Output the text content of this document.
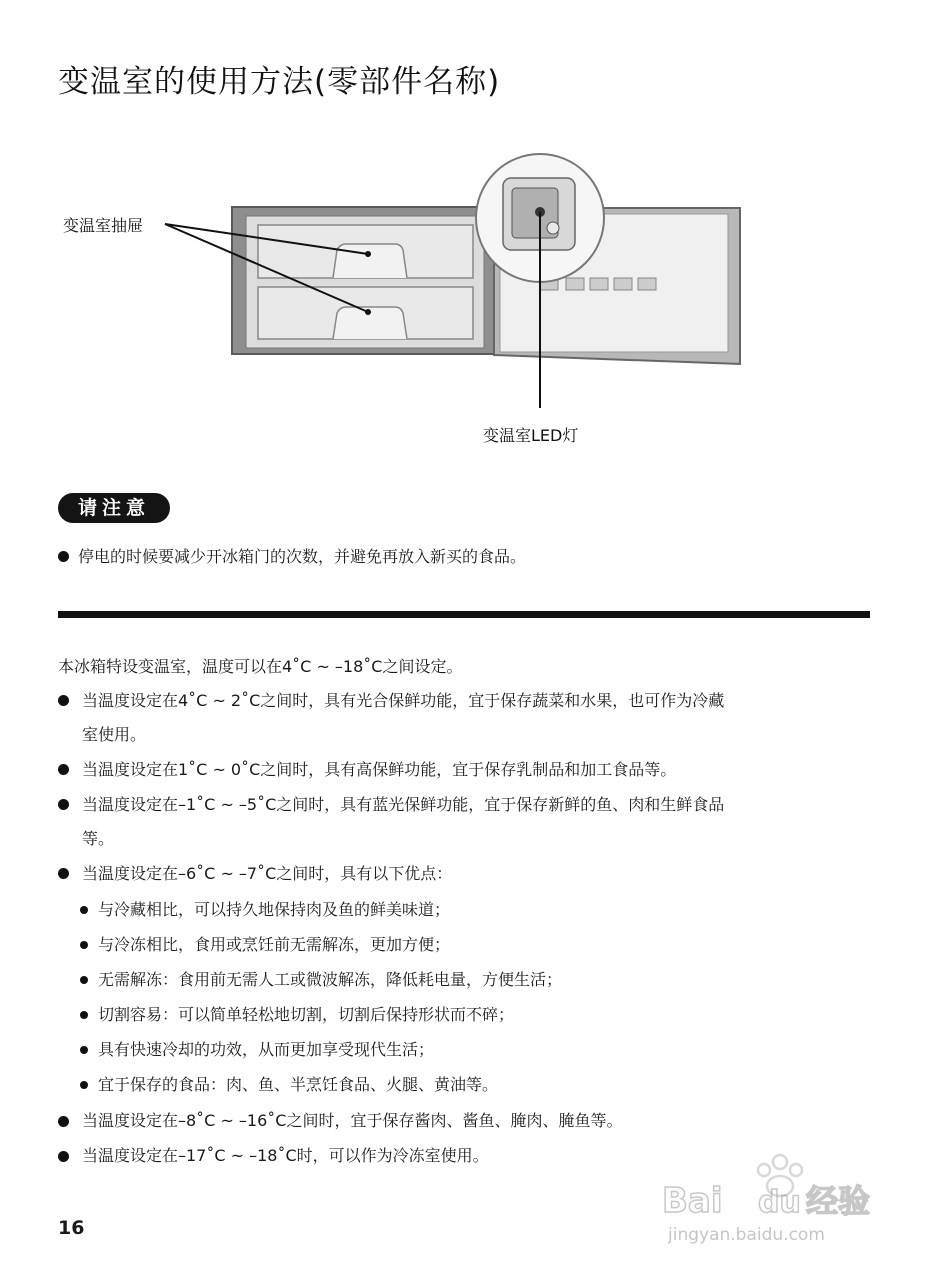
变温室的使用方法(零部件名称)
变温室抽屉
变温室LED灯
请注意
停电的时候要减少开冰箱门的次数，并避免再放入新买的食品。
本冰箱特设变温室，温度可以在4˚C ~ –18˚C之间设定。
当温度设定在4˚C ~ 2˚C之间时，具有光合保鲜功能，宜于保存蔬菜和水果，也可作为冷藏
室使用。
当温度设定在1˚C ~ 0˚C之间时，具有高保鲜功能，宜于保存乳制品和加工食品等。
当温度设定在–1˚C ~ –5˚C之间时，具有蓝光保鲜功能，宜于保存新鲜的鱼、肉和生鲜食品
等。
当温度设定在–6˚C ~ –7˚C之间时，具有以下优点：
与冷藏相比，可以持久地保持肉及鱼的鲜美味道；
与冷冻相比，食用或烹饪前无需解冻，更加方便；
无需解冻：食用前无需人工或微波解冻，降低耗电量，方便生活；
切割容易：可以简单轻松地切割，切割后保持形状而不碎；
具有快速冷却的功效，从而更加享受现代生活；
宜于保存的食品：肉、鱼、半烹饪食品、火腿、黄油等。
当温度设定在–8˚C ~ –16˚C之间时，宜于保存酱肉、酱鱼、腌肉、腌鱼等。
当温度设定在–17˚C ~ –18˚C时，可以作为冷冻室使用。
16
Bai du 经验
jingyan.baidu.com
